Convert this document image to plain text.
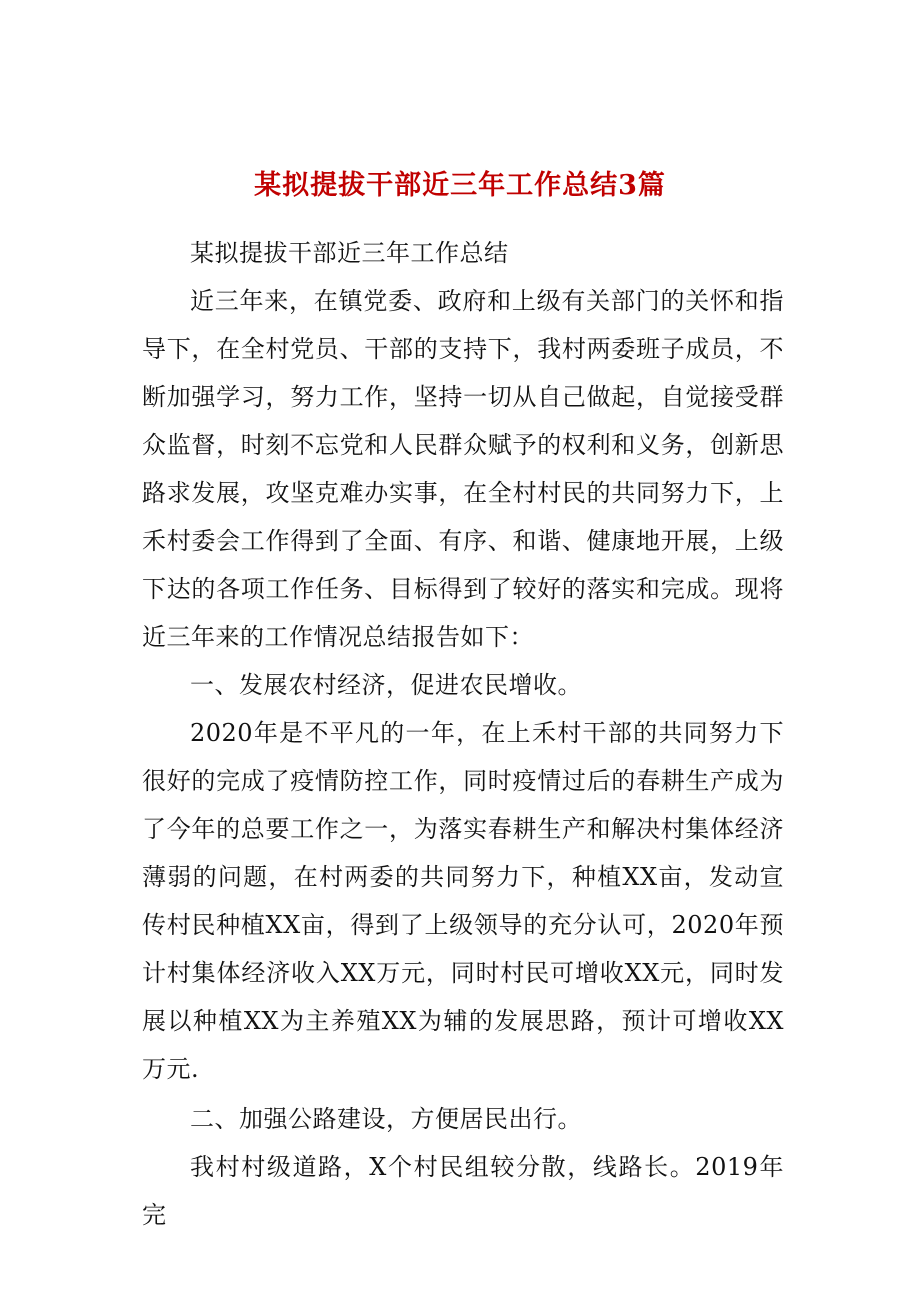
某拟提拔干部近三年工作总结3篇

某拟提拔干部近三年工作总结

近三年来，在镇党委、政府和上级有关部门的关怀和指导下，在全村党员、干部的支持下，我村两委班子成员，不断加强学习，努力工作，坚持一切从自己做起，自觉接受群众监督，时刻不忘党和人民群众赋予的权利和义务，创新思路求发展，攻坚克难办实事，在全村村民的共同努力下，上禾村委会工作得到了全面、有序、和谐、健康地开展，上级下达的各项工作任务、目标得到了较好的落实和完成。现将近三年来的工作情况总结报告如下：

一、发展农村经济，促进农民增收。

2020年是不平凡的一年，在上禾村干部的共同努力下很好的完成了疫情防控工作，同时疫情过后的春耕生产成为了今年的总要工作之一，为落实春耕生产和解决村集体经济薄弱的问题，在村两委的共同努力下，种植XX亩，发动宣传村民种植XX亩，得到了上级领导的充分认可，2020年预计村集体经济收入XX万元，同时村民可增收XX元，同时发展以种植XX为主养殖XX为辅的发展思路，预计可增收XX万元.

二、加强公路建设，方便居民出行。

我村村级道路，X个村民组较分散，线路长。2019年完
